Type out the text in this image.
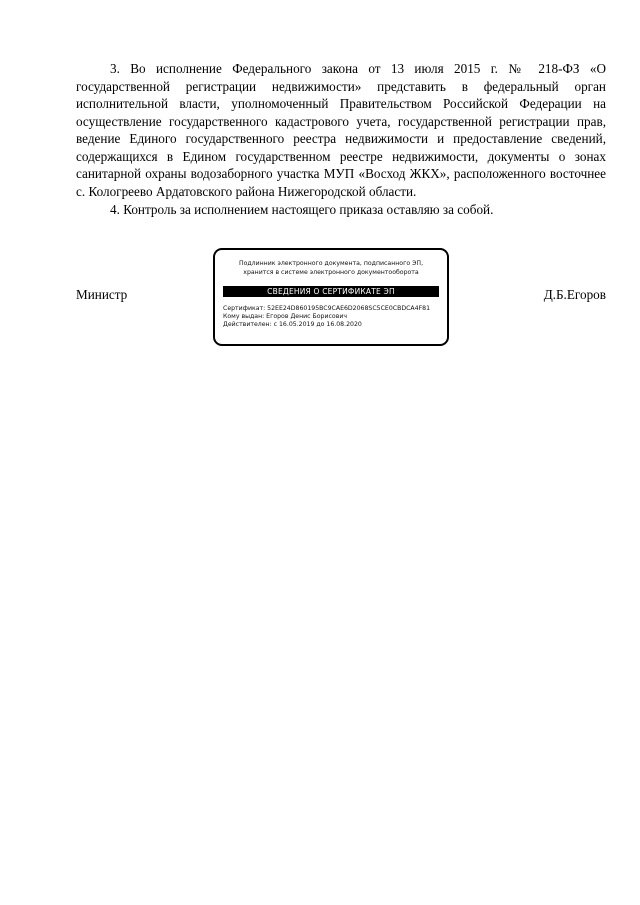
3. Во исполнение Федерального закона от 13 июля 2015 г. № 218-ФЗ «О государственной регистрации недвижимости» представить в федеральный орган исполнительной власти, уполномоченный Правительством Российской Федерации на осуществление государственного кадастрового учета, государственной регистрации прав, ведение Единого государственного реестра недвижимости и предоставление сведений, содержащихся в Едином государственном реестре недвижимости, документы о зонах санитарной охраны водозаборного участка МУП «Восход ЖКХ», расположенного восточнее с. Кологреево Ардатовского района Нижегородской области.

4. Контроль за исполнением настоящего приказа оставляю за собой.

Министр
Подлинник электронного документа, подписанного ЭП,
хранится в системе электронного документооборота
СВЕДЕНИЯ О СЕРТИФИКАТЕ ЭП
Сертификат: 52EE24D860195BC9CAE6D2068SC5CE0CBDCA4F81
Кому выдан: Егоров Денис Борисович
Действителен: с 16.05.2019 до 16.08.2020
Д.Б.Егоров
